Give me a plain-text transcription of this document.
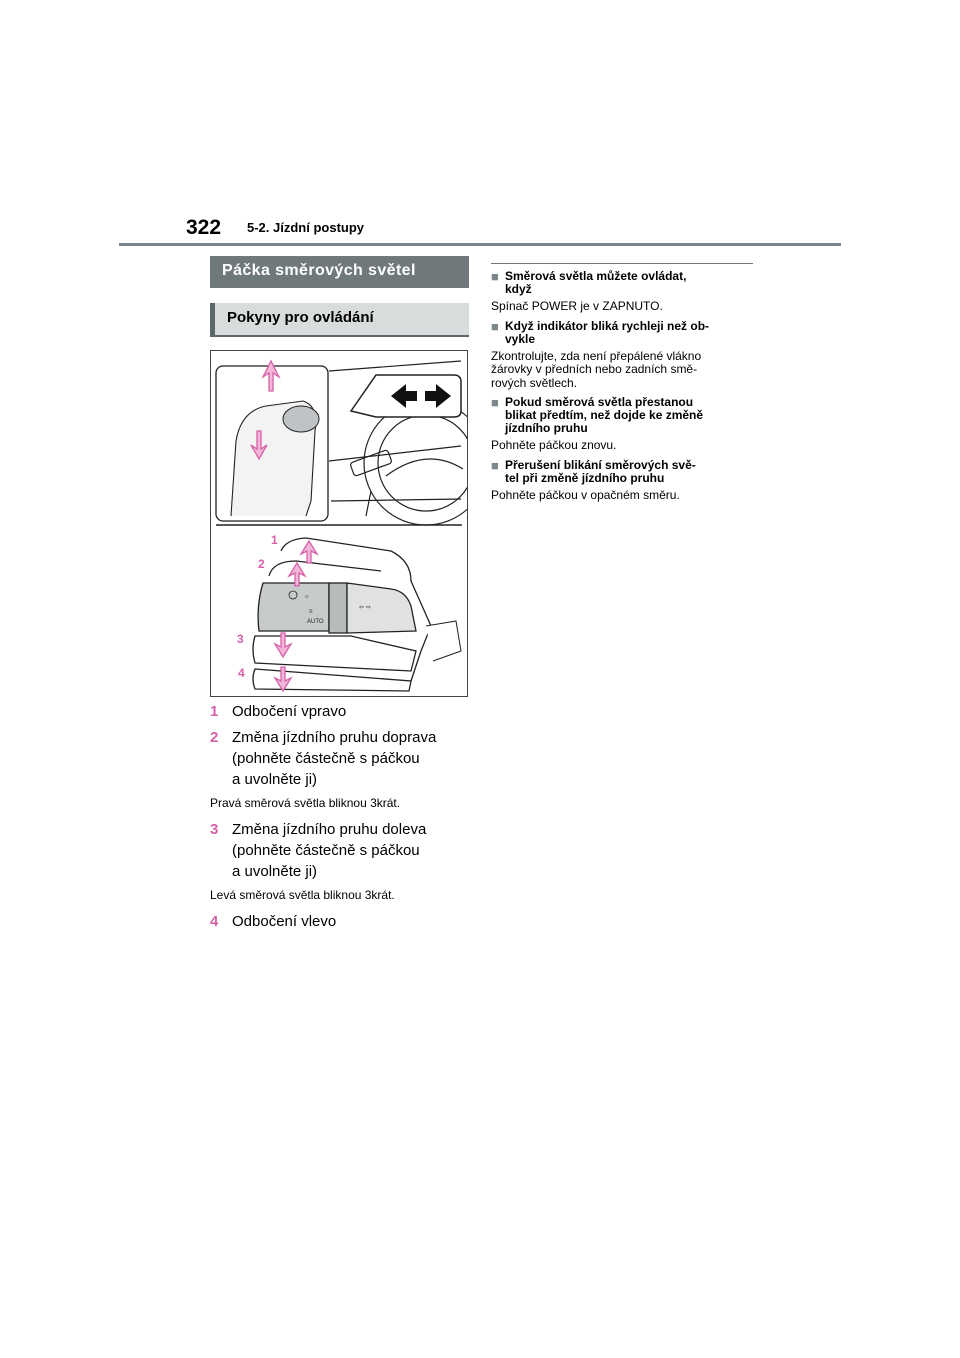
322 5-2. Jízdní postupy
Páčka směrových světel
Pokyny pro ovládání
☼
≡
AUTO
⇦ ⇨
1
2
3
4
1 Odbočení vpravo
2 Změna jízdního pruhu doprava
(pohněte částečně s páčkou
a uvolněte ji)
Pravá směrová světla bliknou 3krát.
3 Změna jízdního pruhu doleva
(pohněte částečně s páčkou
a uvolněte ji)
Levá směrová světla bliknou 3krát.
4 Odbočení vlevo
■ Směrová světla můžete ovládat,
když
Spínač POWER je v ZAPNUTO.
■ Když indikátor bliká rychleji než ob-
vykle
Zkontrolujte, zda není přepálené vlákno
žárovky v předních nebo zadních smě-
rových světlech.
■ Pokud směrová světla přestanou
blikat předtím, než dojde ke změně
jízdního pruhu
Pohněte páčkou znovu.
■ Přerušení blikání směrových svě-
tel při změně jízdního pruhu
Pohněte páčkou v opačném směru.
